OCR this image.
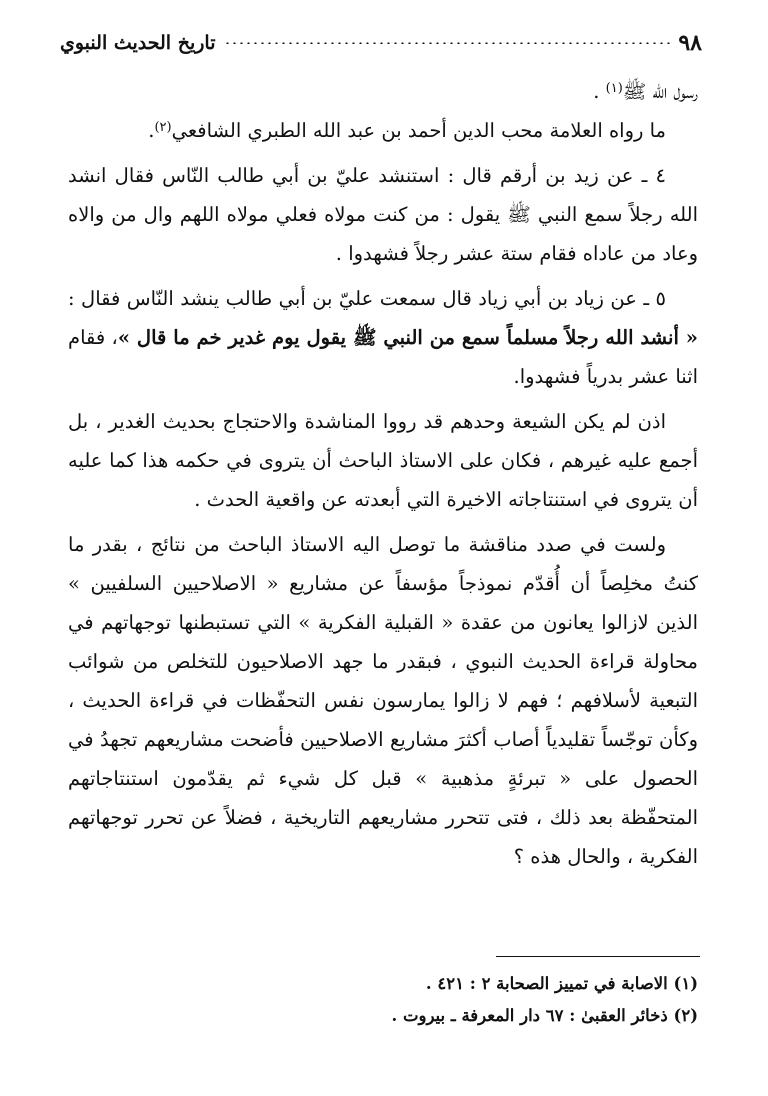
٩٨
تاريخ الحديث النبوي

رسول الله ﷺ$^{(١)}$ .

ما رواه العلامة محب الدين أحمد بن عبد الله الطبري الشافعي$^{(٢)}$.

٤ ـ عن زيد بن أرقم قال : استنشد عليّ بن أبي طالب النّاس فقال انشد الله رجلاً سمع النبي ﷺ يقول : من كنت مولاه فعلي مولاه اللهم وال من والاه وعاد من عاداه فقام ستة عشر رجلاً فشهدوا .

٥ ـ عن زياد بن أبي زياد قال سمعت عليّ بن أبي طالب ينشد النّاس فقال : « أنشد الله رجلاً مسلماً سمع من النبي ﷺ يقول يوم غدير خم ما قال »، فقام اثنا عشر بدرياً فشهدوا.

اذن لم يكن الشيعة وحدهم قد رووا المناشدة والاحتجاج بحديث الغدير ، بل أجمع عليه غيرهم ، فكان على الاستاذ الباحث أن يتروى في حكمه هذا كما عليه أن يتروى في استنتاجاته الاخيرة التي أبعدته عن واقعية الحدث .

ولست في صدد مناقشة ما توصل اليه الاستاذ الباحث من نتائج ، بقدر ما كنتُ مخلِصاً أن أُقدّم نموذجاً مؤسفاً عن مشاريع « الاصلاحيين السلفيين » الذين لازالوا يعانون من عقدة « القبلية الفكرية » التي تستبطنها توجهاتهم في محاولة قراءة الحديث النبوي ، فبقدر ما جهد الاصلاحيون للتخلص من شوائب التبعية لأسلافهم ؛ فهم لا زالوا يمارسون نفس التحفّظات في قراءة الحديث ، وكأن توجّساً تقليدياً أصاب أكثرَ مشاريع الاصلاحيين فأضحت مشاريعهم تجهدُ في الحصول على « تبرئةٍ مذهبية » قبل كل شيء ثم يقدّمون استنتاجاتهم المتحفّظة بعد ذلك ، فتى تتحرر مشاريعهم التاريخية ، فضلاً عن تحرر توجهاتهم الفكرية ، والحال هذه ؟

(١) الاصابة في تمييز الصحابة ٢ : ٤٢١ .

(٢) ذخائر العقبىٰ : ٦٧ دار المعرفة ـ بيروت .
